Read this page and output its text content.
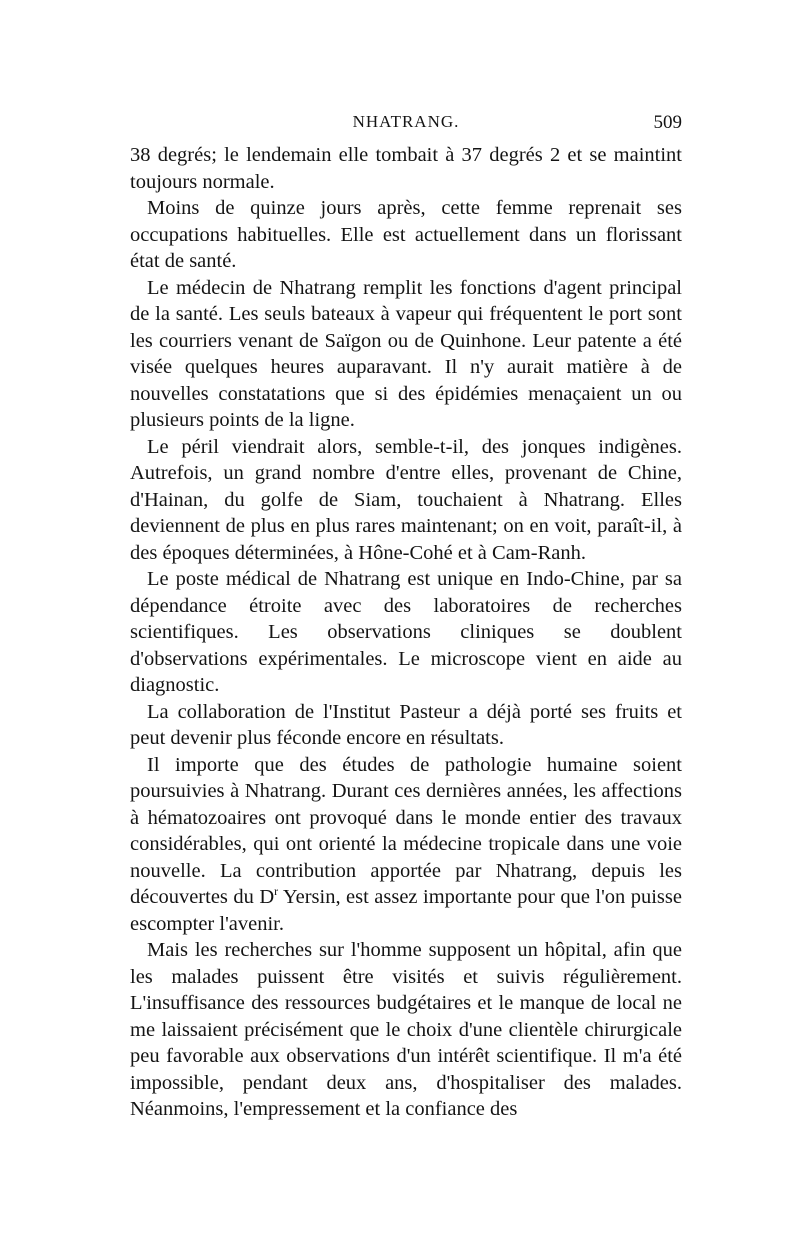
NHATRANG.	509

38 degrés; le lendemain elle tombait à 37 degrés 2 et se maintint toujours normale.

Moins de quinze jours après, cette femme reprenait ses occupations habituelles. Elle est actuellement dans un florissant état de santé.

Le médecin de Nhatrang remplit les fonctions d'agent principal de la santé. Les seuls bateaux à vapeur qui fréquentent le port sont les courriers venant de Saïgon ou de Quinhone. Leur patente a été visée quelques heures auparavant. Il n'y aurait matière à de nouvelles constatations que si des épidémies menaçaient un ou plusieurs points de la ligne.

Le péril viendrait alors, semble-t-il, des jonques indigènes. Autrefois, un grand nombre d'entre elles, provenant de Chine, d'Hainan, du golfe de Siam, touchaient à Nhatrang. Elles deviennent de plus en plus rares maintenant; on en voit, paraît-il, à des époques déterminées, à Hône-Cohé et à Cam-Ranh.

Le poste médical de Nhatrang est unique en Indo-Chine, par sa dépendance étroite avec des laboratoires de recherches scientifiques. Les observations cliniques se doublent d'observations expérimentales. Le microscope vient en aide au diagnostic.

La collaboration de l'Institut Pasteur a déjà porté ses fruits et peut devenir plus féconde encore en résultats.

Il importe que des études de pathologie humaine soient poursuivies à Nhatrang. Durant ces dernières années, les affections à hématozoaires ont provoqué dans le monde entier des travaux considérables, qui ont orienté la médecine tropicale dans une voie nouvelle. La contribution apportée par Nhatrang, depuis les découvertes du $D^r$ Yersin, est assez importante pour que l'on puisse escompter l'avenir.

Mais les recherches sur l'homme supposent un hôpital, afin que les malades puissent être visités et suivis régulièrement. L'insuffisance des ressources budgétaires et le manque de local ne me laissaient précisément que le choix d'une clientèle chirurgicale peu favorable aux observations d'un intérêt scientifique. Il m'a été impossible, pendant deux ans, d'hospitaliser des malades. Néanmoins, l'empressement et la confiance des
